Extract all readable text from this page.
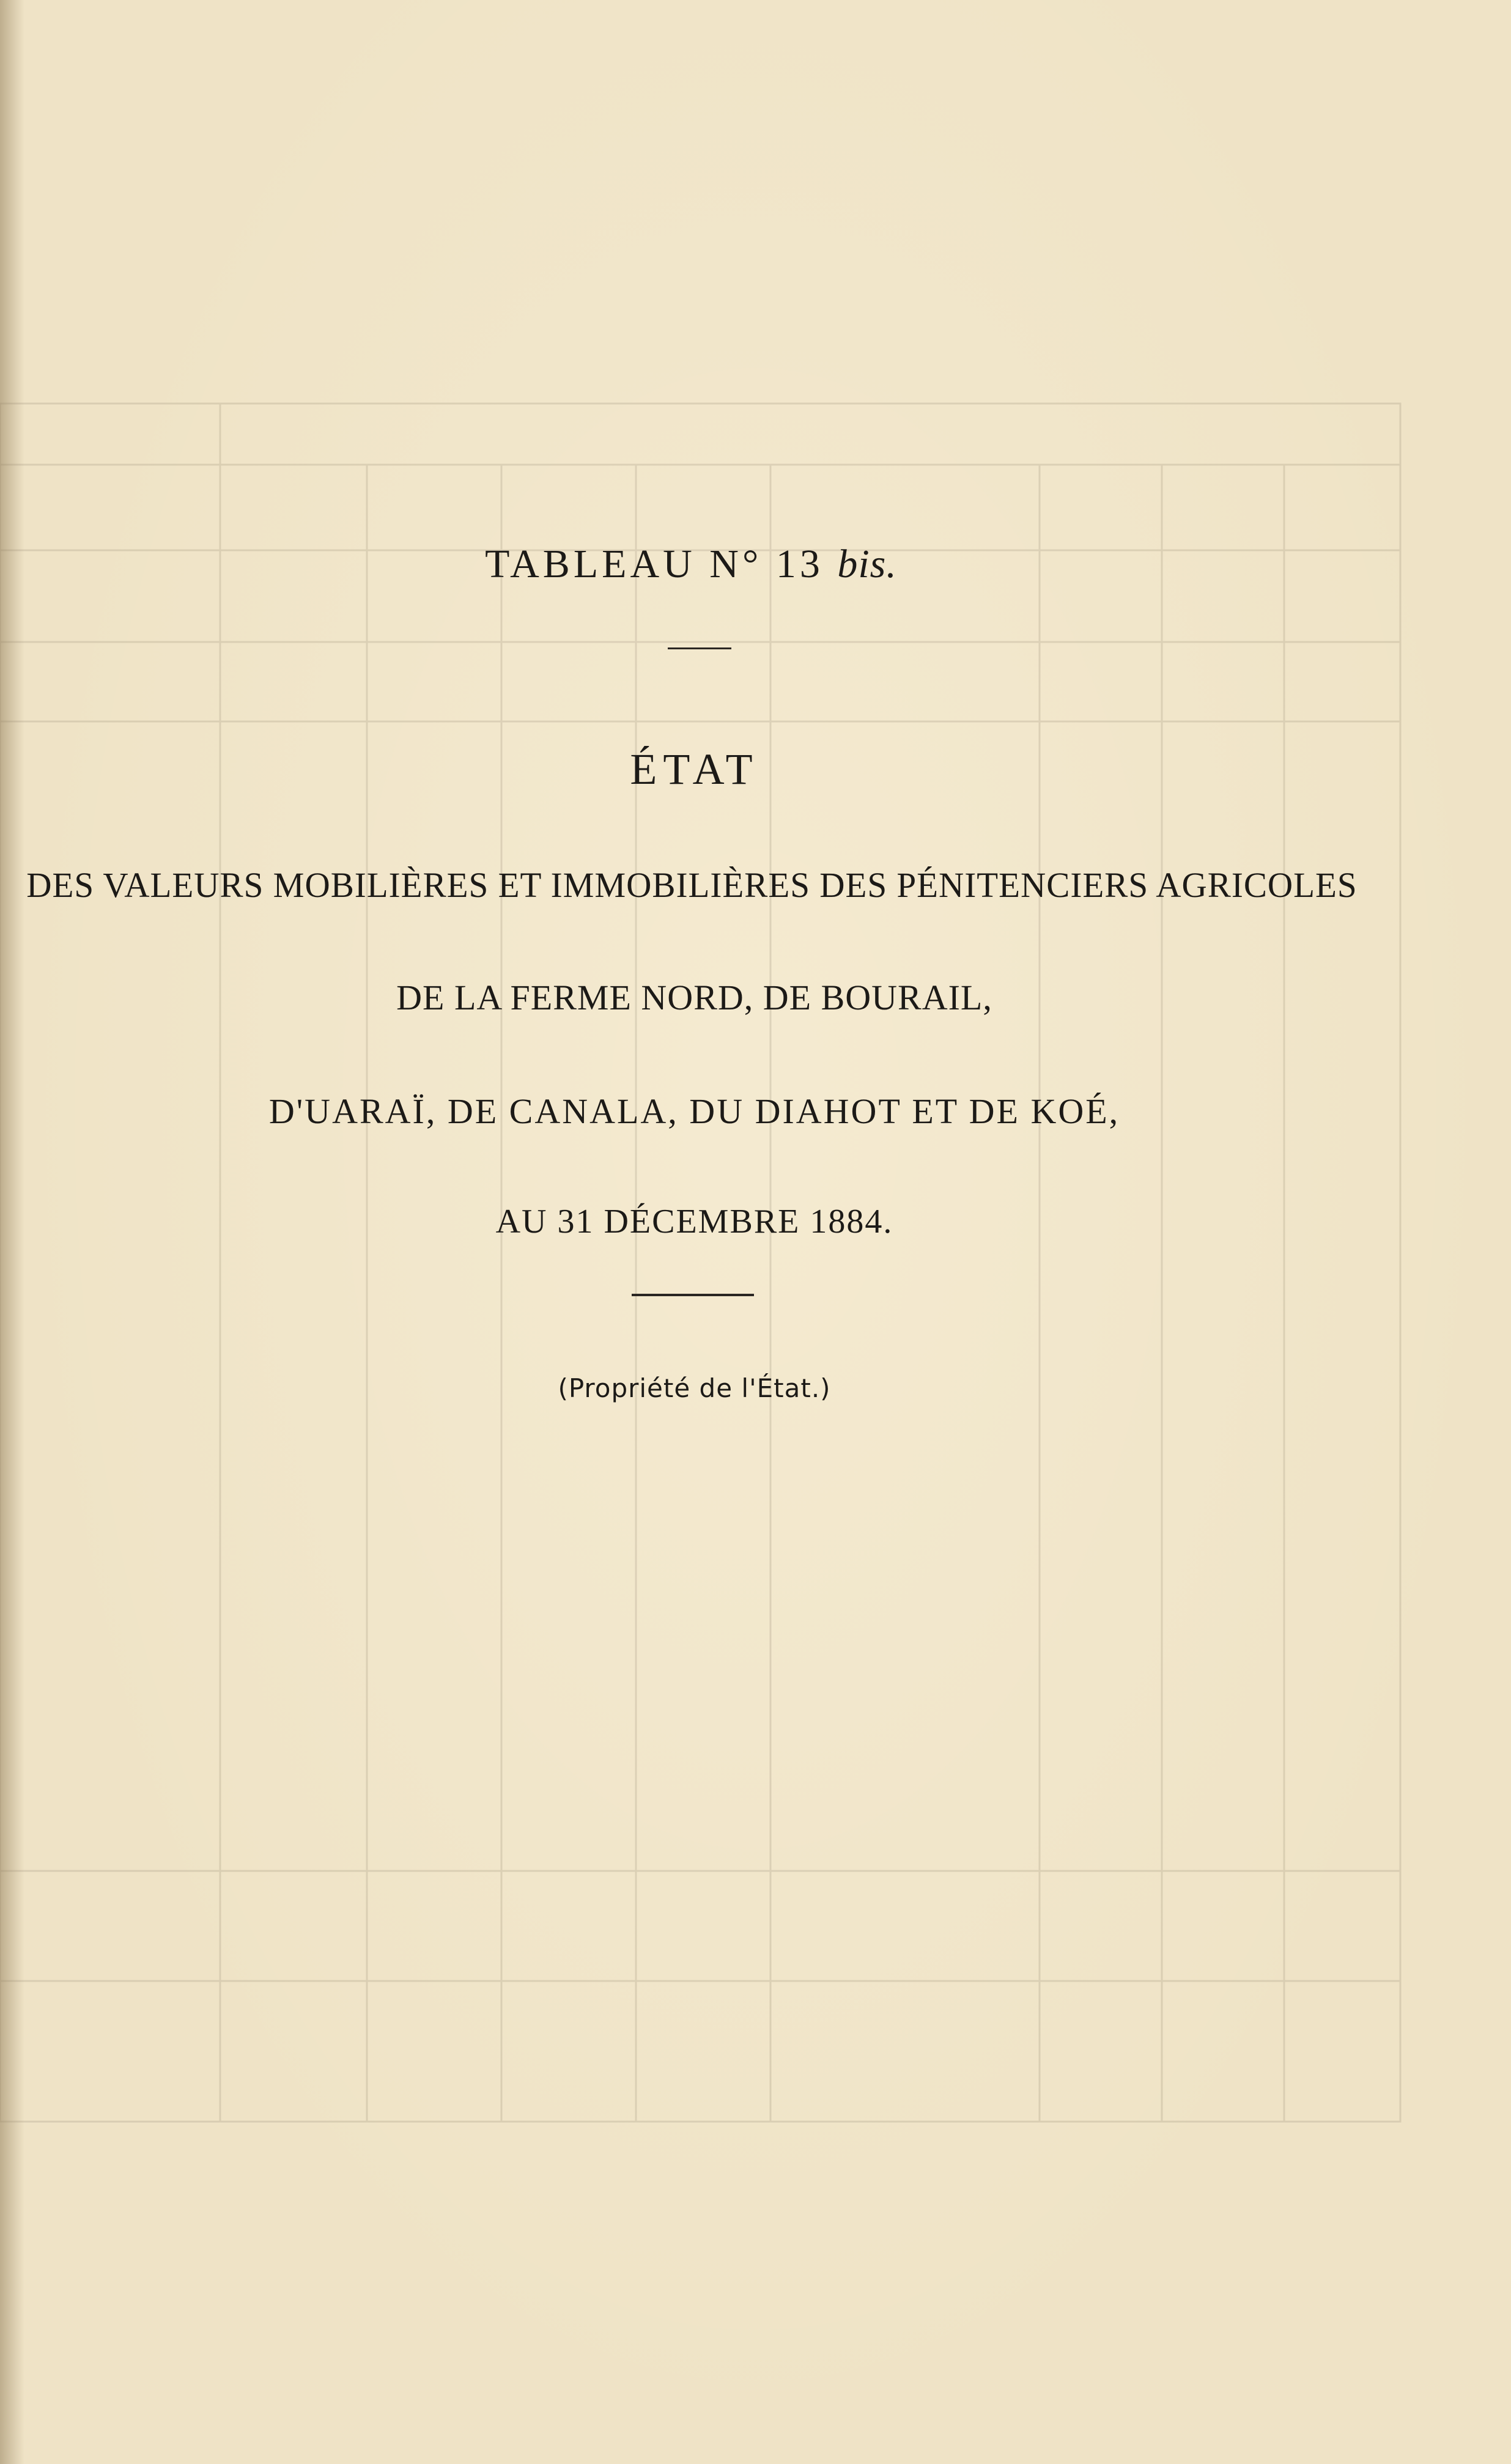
TABLEAU N° 13 bis.
ÉTAT
DES VALEURS MOBILIÈRES ET IMMOBILIÈRES DES PÉNITENCIERS AGRICOLES
DE LA FERME NORD, DE BOURAIL,
D'UARAÏ, DE CANALA, DU DIAHOT ET DE KOÉ,
AU 31 DÉCEMBRE 1884.
(Propriété de l'État.)
